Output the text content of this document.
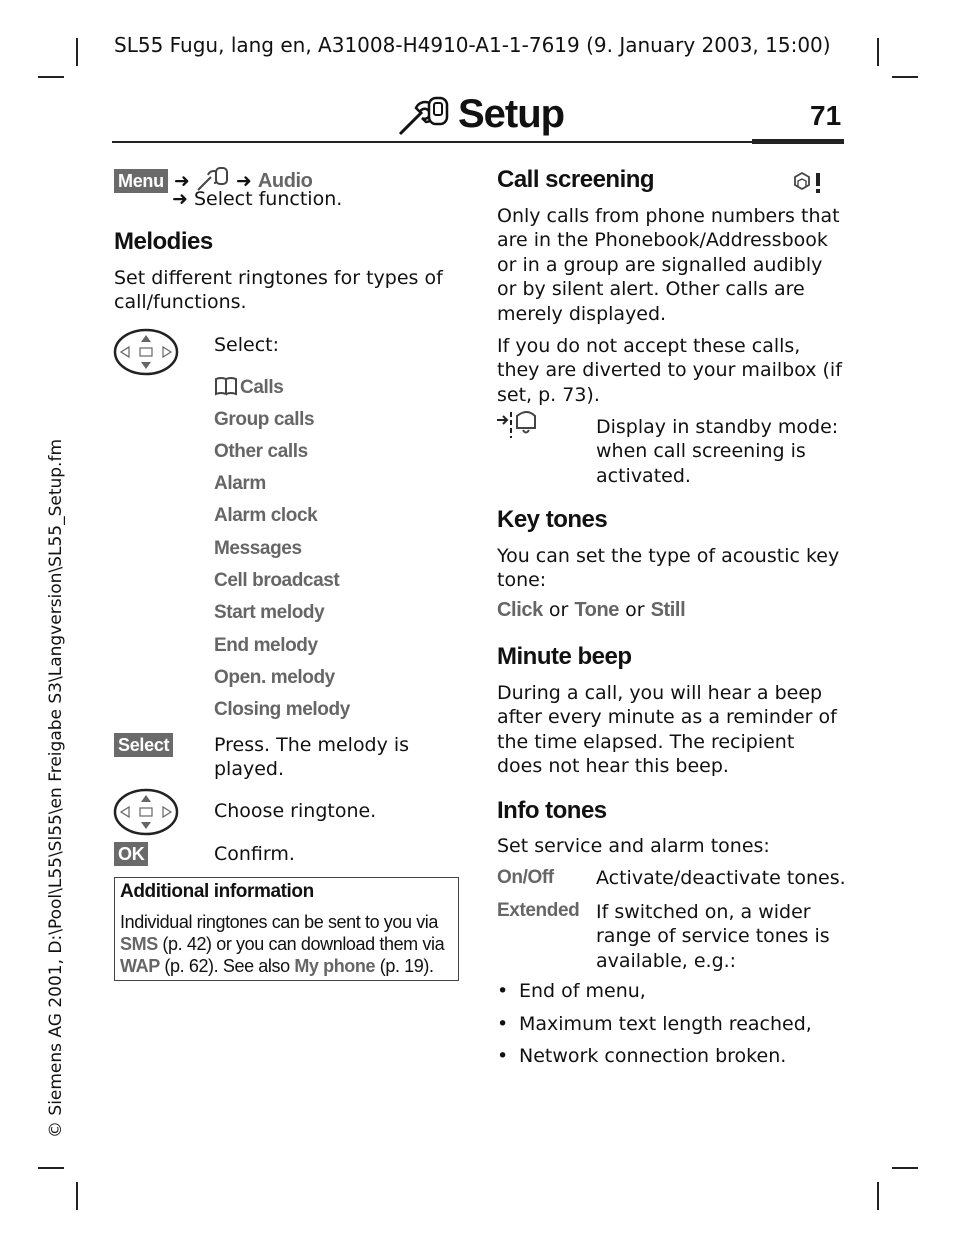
SL55 Fugu, lang en, A31008-H4910-A1-1-7619 (9. January 2003, 15:00)
Setup	71
© Siemens AG 2001, D:\Pool\L55\Sl55\en Freigabe S3\Langversion\SL55_Setup.fm
Menu ➜ ➜ Audio
➜ Select function.
Melodies
Set different ringtones for types of call/functions.
Select:
Calls
Group calls
Other calls
Alarm
Alarm clock
Messages
Cell broadcast
Start melody
End melody
Open. melody
Closing melody
Select Press. The melody is played.
Choose ringtone.
OK	Confirm.
Additional information
Individual ringtones can be sent to you via SMS (p. 42) or you can download them via WAP (p. 62). See also My phone (p. 19).
Call screening
Only calls from phone numbers that are in the Phonebook/Addressbook or in a group are signalled audibly or by silent alert. Other calls are merely displayed.
If you do not accept these calls, they are diverted to your mailbox (if set, p. 73).
Display in standby mode: when call screening is activated.
Key tones
You can set the type of acoustic key tone:
Click or Tone or Still
Minute beep
During a call, you will hear a beep after every minute as a reminder of the time elapsed. The recipient does not hear this beep.
Info tones
Set service and alarm tones:
On/Off Activate/deactivate tones.
Extended If switched on, a wider range of service tones is available, e.g.:
• End of menu,
• Maximum text length reached,
• Network connection broken.
